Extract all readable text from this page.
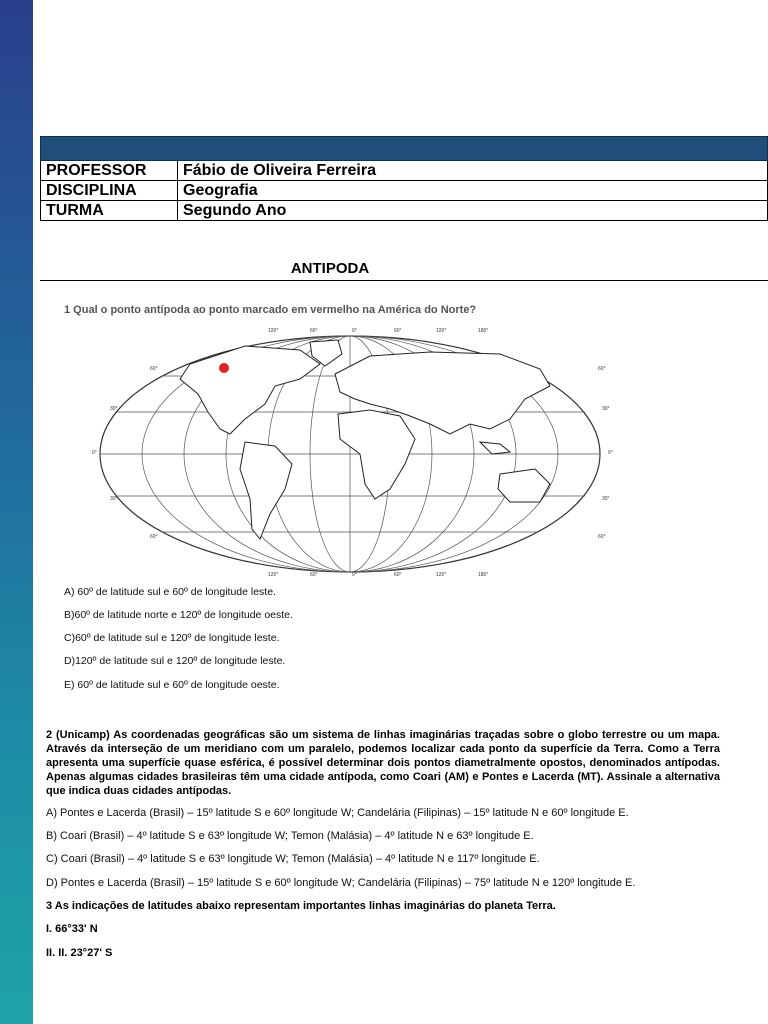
PROFESSOR	Fábio de Oliveira Ferreira
DISCIPLINA	Geografia
TURMA	Segundo Ano
ANTIPODA
1 Qual o ponto antípoda ao ponto marcado em vermelho na América do Norte?
120°	60°	0°	60°	120°	180°
120°	60°	0°	60°	120°	180°
60°
30°
0°
30°
60°
60°
30°
0°
30°
60°
A) 60º de latitude sul e 60º de longitude leste.
B)60º de latitude norte e 120º de longitude oeste.
C)60º de latitude sul e 120º de longitude leste.
D)120º de latitude sul e 120º de longitude leste.
E) 60º de latitude sul e 60º de longitude oeste.
2 (Unicamp) As coordenadas geográficas são um sistema de linhas imaginárias traçadas sobre o globo terrestre ou um mapa. Através da interseção de um meridiano com um paralelo, podemos localizar cada ponto da superfície da Terra. Como a Terra apresenta uma superfície quase esférica, é possível determinar dois pontos diametralmente opostos, denominados antípodas. Apenas algumas cidades brasileiras têm uma cidade antípoda, como Coari (AM) e Pontes e Lacerda (MT). Assinale a alternativa que indica duas cidades antípodas.
A) Pontes e Lacerda (Brasil) – 15º latitude S e 60º longitude W; Candelária (Filipinas) – 15º latitude N e 60º longitude E.
B) Coari (Brasil) – 4º latitude S e 63º longitude W; Temon (Malásia) – 4º latitude N e 63º longitude E.
C) Coari (Brasil) – 4º latitude S e 63º longitude W; Temon (Malásia) – 4º latitude N e 117º longitude E.
D) Pontes e Lacerda (Brasil) – 15º latitude S e 60º longitude W; Candelária (Filipinas) – 75º latitude N e 120º longitude E.
3 As indicações de latitudes abaixo representam importantes linhas imaginárias do planeta Terra.
I. 66°33' N
II. II. 23°27' S
